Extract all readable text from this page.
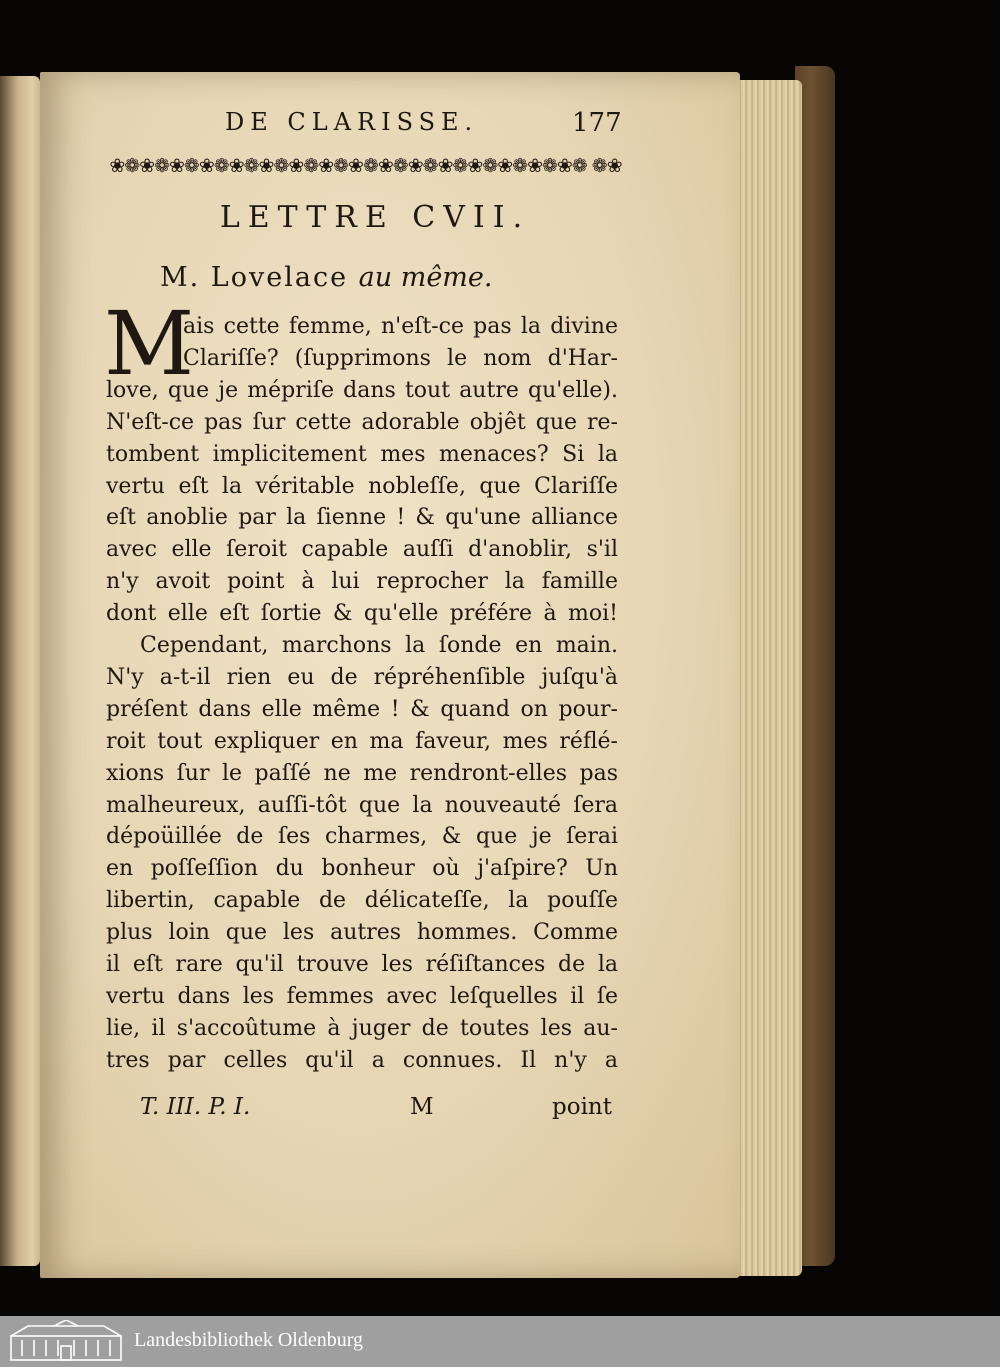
DE CLARISSE.	177
❀❁❀❁❀❁❀❁❀❁❀❁❀❁❀❁❀❁❀❁❀❁❀❁❀❁❀❁❀❁❀❁ ❁❀
LETTRE CVII.
M. Lovelace au même.
M
ais cette femme, n'eſt-ce pas la divine
Clariſſe? (ſupprimons le nom d'Har-
love, que je mépriſe dans tout autre qu'elle).
N'eſt-ce pas ſur cette adorable objêt que re-
tombent implicitement mes menaces? Si la
vertu eſt la véritable nobleſſe, que Clariſſe
eſt anoblie par la ſienne ! & qu'une alliance
avec elle ſeroit capable auſſi d'anoblir, s'il
n'y avoit point à lui reprocher la famille
dont elle eſt ſortie & qu'elle préfére à moi!
Cependant, marchons la ſonde en main.
N'y a-t-il rien eu de répréhenſible juſqu'à
préſent dans elle même ! & quand on pour-
roit tout expliquer en ma faveur, mes réflé-
xions ſur le paſſé ne me rendront-elles pas
malheureux, auſſi-tôt que la nouveauté ſera
dépoüillée de ſes charmes, & que je ſerai
en poſſeſſion du bonheur où j'aſpire? Un
libertin, capable de délicateſſe, la pouſſe
plus loin que les autres hommes. Comme
il eſt rare qu'il trouve les réſiſtances de la
vertu dans les femmes avec leſquelles il ſe
lie, il s'accoûtume à juger de toutes les au-
tres par celles qu'il a connues. Il n'y a
T. III. P. I.	M	point
Landesbibliothek Oldenburg
